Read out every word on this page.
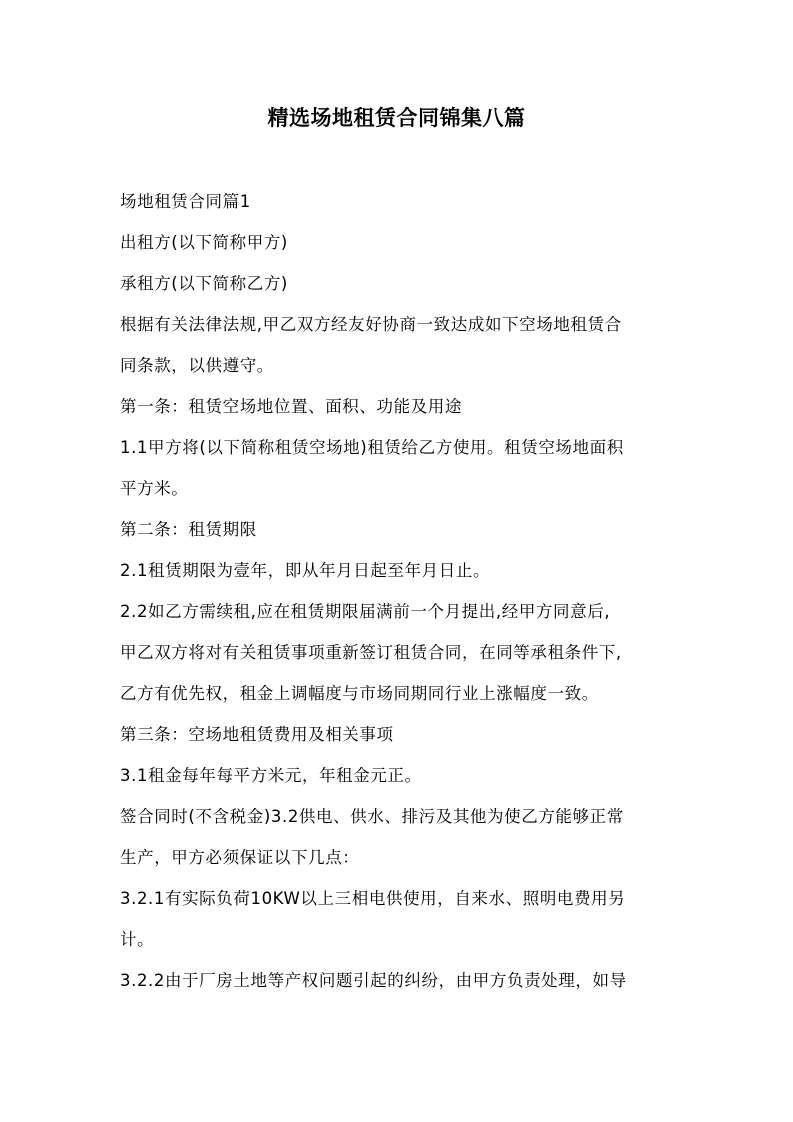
精选场地租赁合同锦集八篇

场地租赁合同篇1

出租方(以下简称甲方)

承租方(以下简称乙方)

根据有关法律法规,甲乙双方经友好协商一致达成如下空场地租赁合

同条款，以供遵守。

第一条：租赁空场地位置、面积、功能及用途

1.1甲方将(以下简称租赁空场地)租赁给乙方使用。租赁空场地面积

平方米。

第二条：租赁期限

2.1租赁期限为壹年，即从年月日起至年月日止。

2.2如乙方需续租,应在租赁期限届满前一个月提出,经甲方同意后,

甲乙双方将对有关租赁事项重新签订租赁合同，在同等承租条件下,

乙方有优先权，租金上调幅度与市场同期同行业上涨幅度一致。

第三条：空场地租赁费用及相关事项

3.1租金每年每平方米元，年租金元正。

签合同时(不含税金)3.2供电、供水、排污及其他为使乙方能够正常

生产，甲方必须保证以下几点：

3.2.1有实际负荷10KW以上三相电供使用，自来水、照明电费用另

计。

3.2.2由于厂房土地等产权问题引起的纠纷，由甲方负责处理，如导
